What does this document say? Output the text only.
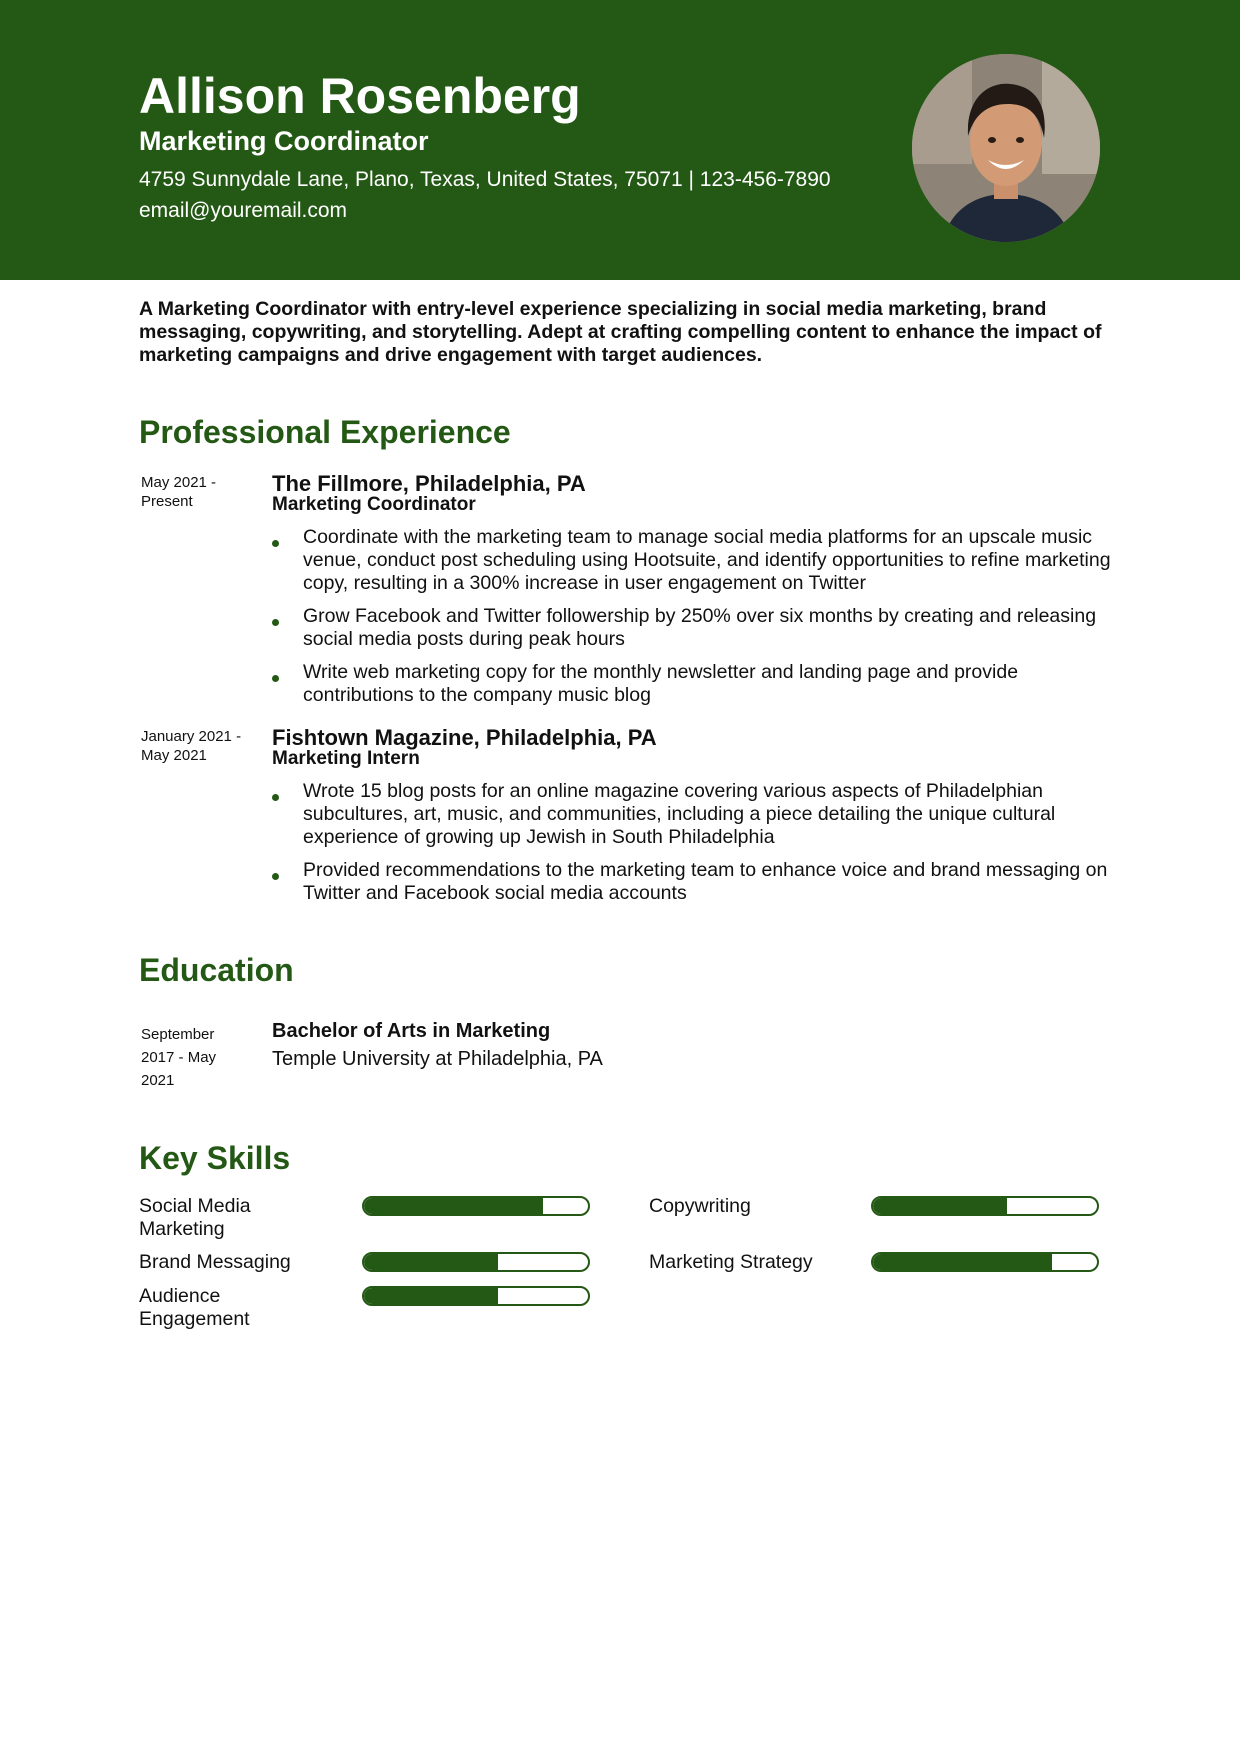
Allison Rosenberg
Marketing Coordinator
4759 Sunnydale Lane, Plano, Texas, United States, 75071 | 123-456-7890
email@youremail.com
A Marketing Coordinator with entry-level experience specializing in social media marketing, brand messaging, copywriting, and storytelling. Adept at crafting compelling content to enhance the impact of marketing campaigns and drive engagement with target audiences.
Professional Experience
May 2021 - Present
The Fillmore, Philadelphia, PA
Marketing Coordinator
Coordinate with the marketing team to manage social media platforms for an upscale music venue, conduct post scheduling using Hootsuite, and identify opportunities to refine marketing copy, resulting in a 300% increase in user engagement on Twitter
Grow Facebook and Twitter followership by 250% over six months by creating and releasing social media posts during peak hours
Write web marketing copy for the monthly newsletter and landing page and provide contributions to the company music blog
January 2021 - May 2021
Fishtown Magazine, Philadelphia, PA
Marketing Intern
Wrote 15 blog posts for an online magazine covering various aspects of Philadelphian subcultures, art, music, and communities, including a piece detailing the unique cultural experience of growing up Jewish in South Philadelphia
Provided recommendations to the marketing team to enhance voice and brand messaging on Twitter and Facebook social media accounts
Education
September 2017 - May 2021
Bachelor of Arts in Marketing
Temple University at Philadelphia, PA
Key Skills
Social Media Marketing
Copywriting
Brand Messaging	Marketing Strategy
Audience Engagement
